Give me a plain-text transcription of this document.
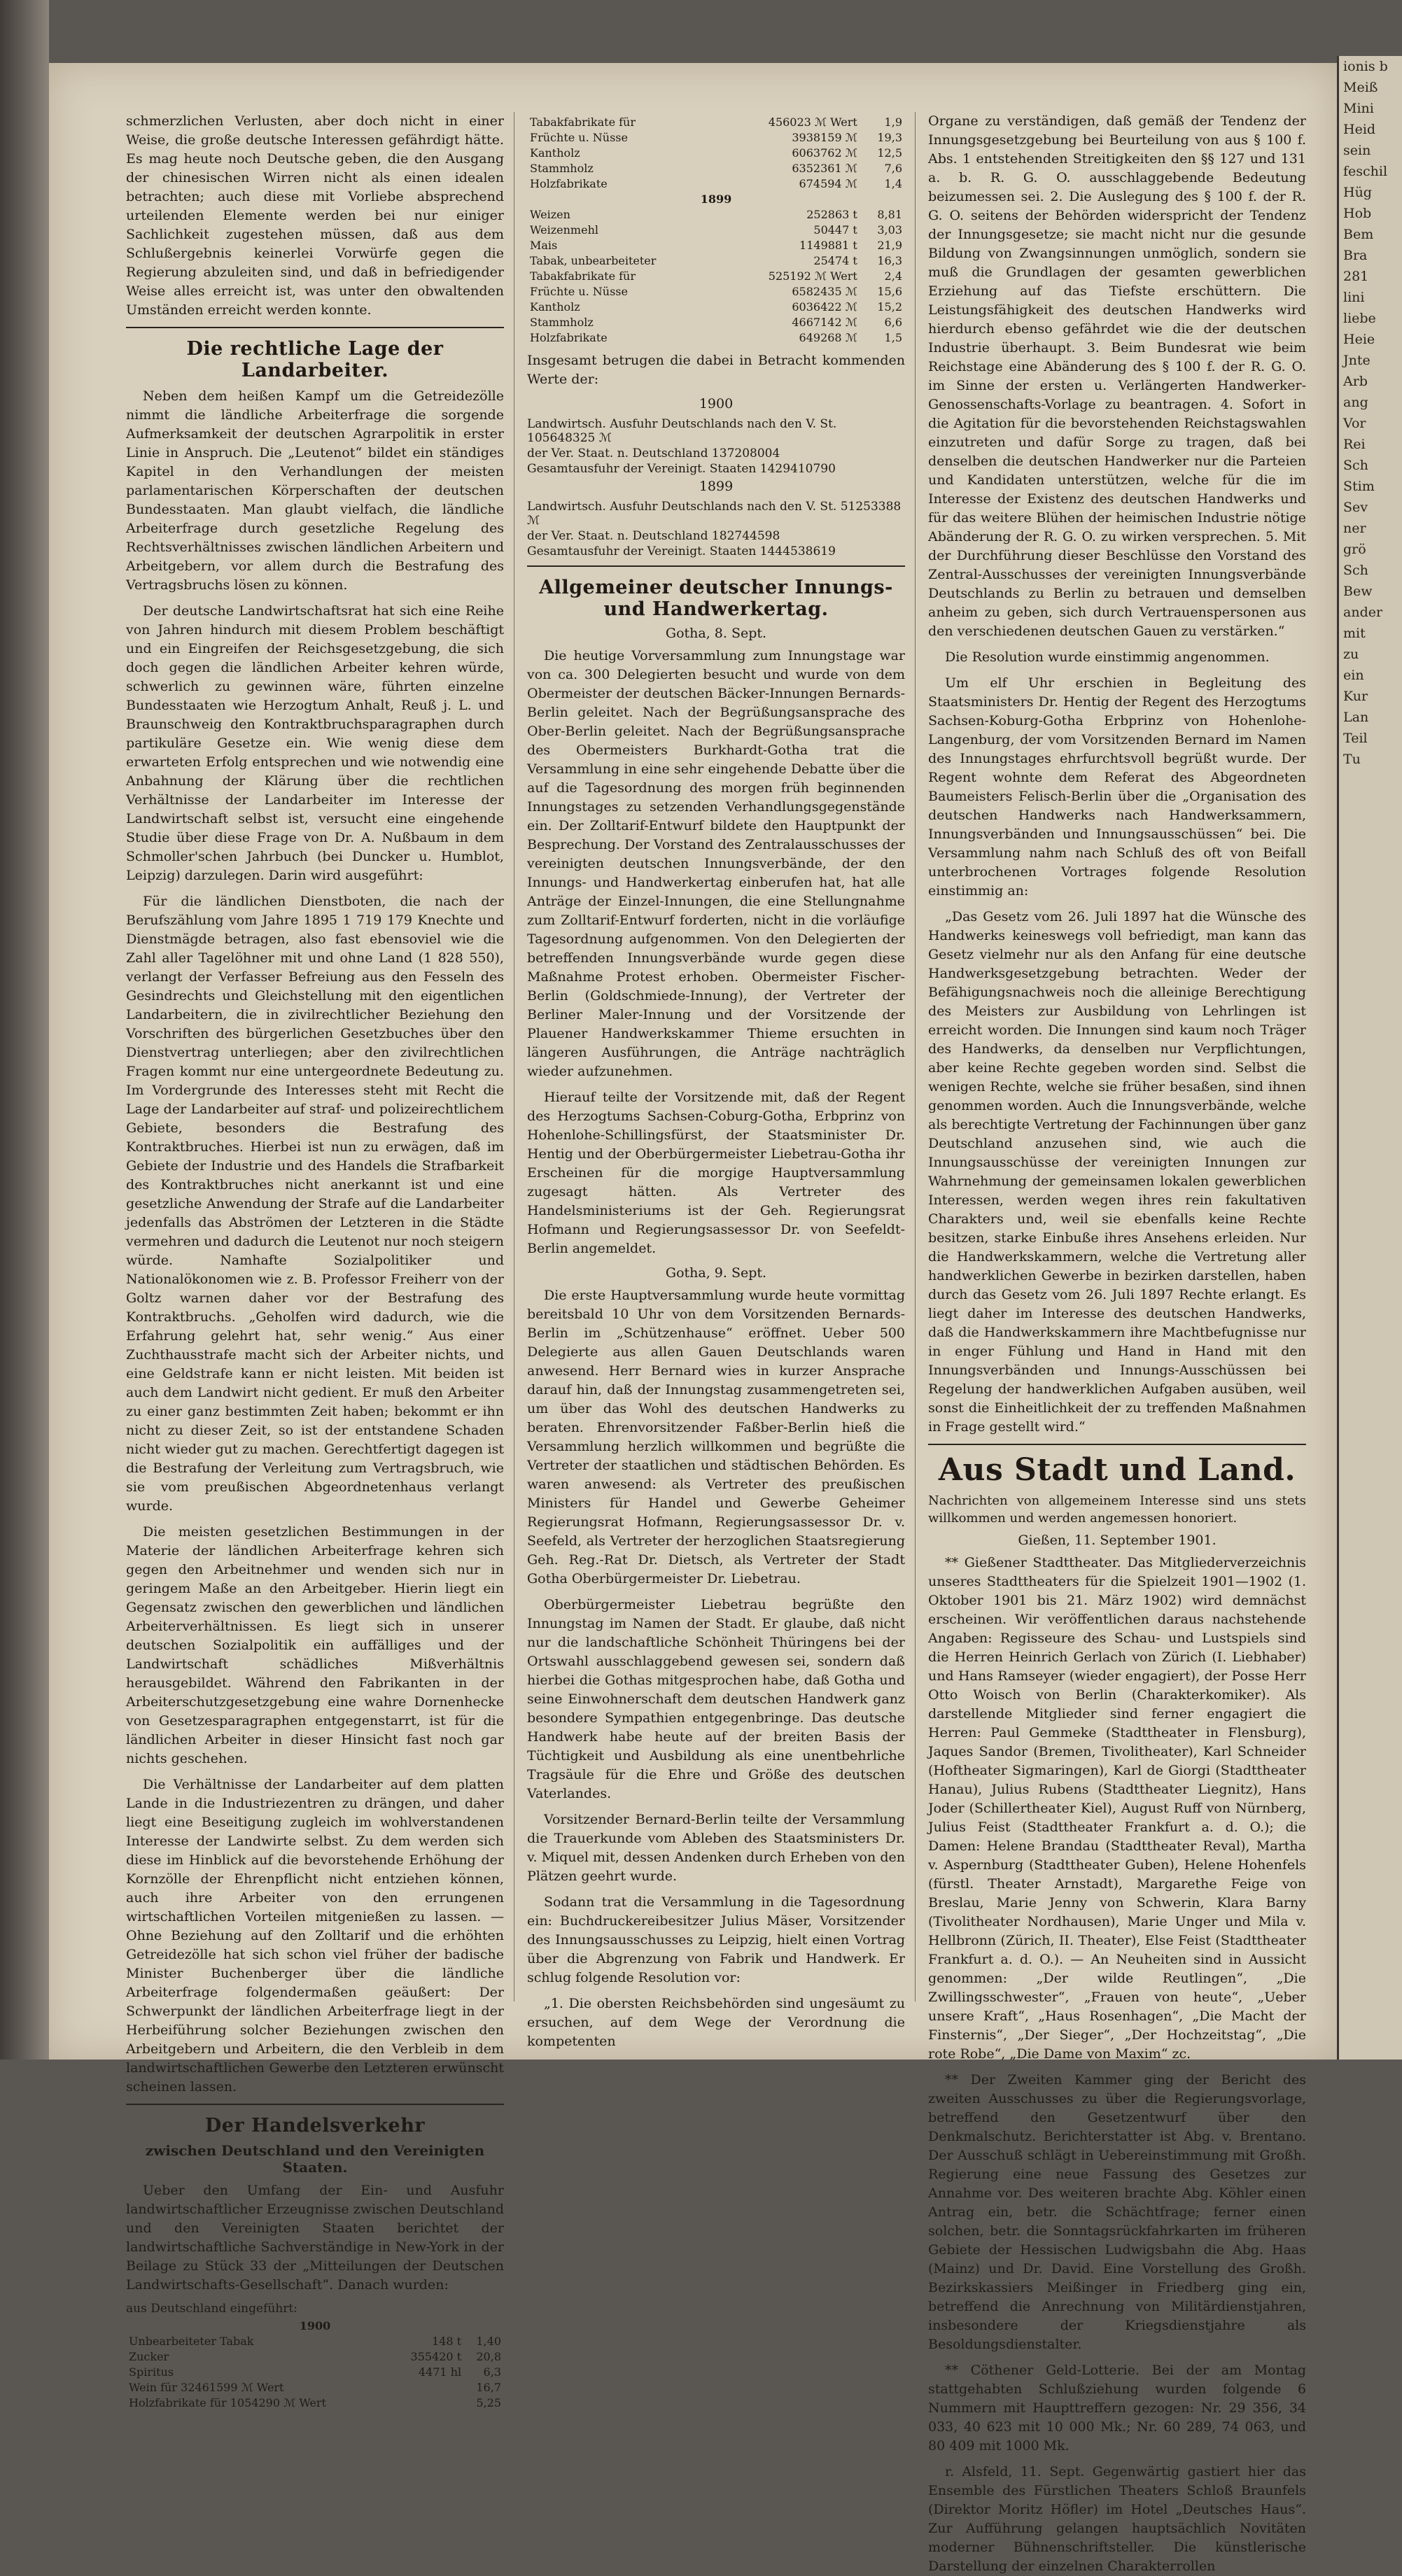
schmerzlichen Verlusten, aber doch nicht in einer Weise, die große deutsche Interessen gefährdigt hätte. Es mag heute noch Deutsche geben, die den Ausgang der chinesischen Wirren nicht als einen idealen betrachten; auch diese mit Vorliebe absprechend urteilenden Elemente werden bei nur einiger Sachlichkeit zugestehen müssen, daß aus dem Schlußergebnis keinerlei Vorwürfe gegen die Regierung abzuleiten sind, und daß in befriedigender Weise alles erreicht ist, was unter den obwaltenden Umständen erreicht werden konnte.

Die rechtliche Lage der Landarbeiter.

Neben dem heißen Kampf um die Getreidezölle nimmt die ländliche Arbeiterfrage die sorgende Aufmerksamkeit der deutschen Agrarpolitik in erster Linie in Anspruch. Die „Leutenot“ bildet ein ständiges Kapitel in den Verhandlungen der meisten parlamentarischen Körperschaften der deutschen Bundesstaaten. Man glaubt vielfach, die ländliche Arbeiterfrage durch gesetzliche Regelung des Rechtsverhältnisses zwischen ländlichen Arbeitern und Arbeitgebern, vor allem durch die Bestrafung des Vertragsbruchs lösen zu können.

Der deutsche Landwirtschaftsrat hat sich eine Reihe von Jahren hindurch mit diesem Problem beschäftigt und ein Eingreifen der Reichsgesetzgebung, die sich doch gegen die ländlichen Arbeiter kehren würde, schwerlich zu gewinnen wäre, führten einzelne Bundesstaaten wie Herzogtum Anhalt, Reuß j. L. und Braunschweig den Kontraktbruchsparagraphen durch partikuläre Gesetze ein. Wie wenig diese dem erwarteten Erfolg entsprechen und wie notwendig eine Anbahnung der Klärung über die rechtlichen Verhältnisse der Landarbeiter im Interesse der Landwirtschaft selbst ist, versucht eine eingehende Studie über diese Frage von Dr. A. Nußbaum in dem Schmoller'schen Jahrbuch (bei Duncker u. Humblot, Leipzig) darzulegen. Darin wird ausgeführt:

Für die ländlichen Dienstboten, die nach der Berufszählung vom Jahre 1895 1 719 179 Knechte und Dienstmägde betragen, also fast ebensoviel wie die Zahl aller Tagelöhner mit und ohne Land (1 828 550), verlangt der Verfasser Befreiung aus den Fesseln des Gesindrechts und Gleichstellung mit den eigentlichen Landarbeitern, die in zivilrechtlicher Beziehung den Vorschriften des bürgerlichen Gesetzbuches über den Dienstvertrag unterliegen; aber den zivilrechtlichen Fragen kommt nur eine untergeordnete Bedeutung zu. Im Vordergrunde des Interesses steht mit Recht die Lage der Landarbeiter auf straf- und polizeirechtlichem Gebiete, besonders die Bestrafung des Kontraktbruches. Hierbei ist nun zu erwägen, daß im Gebiete der Industrie und des Handels die Strafbarkeit des Kontraktbruches nicht anerkannt ist und eine gesetzliche Anwendung der Strafe auf die Landarbeiter jedenfalls das Abströmen der Letzteren in die Städte vermehren und dadurch die Leutenot nur noch steigern würde. Namhafte Sozialpolitiker und Nationalökonomen wie z. B. Professor Freiherr von der Goltz warnen daher vor der Bestrafung des Kontraktbruchs. „Geholfen wird dadurch, wie die Erfahrung gelehrt hat, sehr wenig.“ Aus einer Zuchthausstrafe macht sich der Arbeiter nichts, und eine Geldstrafe kann er nicht leisten. Mit beiden ist auch dem Landwirt nicht gedient. Er muß den Arbeiter zu einer ganz bestimmten Zeit haben; bekommt er ihn nicht zu dieser Zeit, so ist der entstandene Schaden nicht wieder gut zu machen. Gerechtfertigt dagegen ist die Bestrafung der Verleitung zum Vertragsbruch, wie sie vom preußischen Abgeordnetenhaus verlangt wurde.

Die meisten gesetzlichen Bestimmungen in der Materie der ländlichen Arbeiterfrage kehren sich gegen den Arbeitnehmer und wenden sich nur in geringem Maße an den Arbeitgeber. Hierin liegt ein Gegensatz zwischen den gewerblichen und ländlichen Arbeiterverhältnissen. Es liegt sich in unserer deutschen Sozialpolitik ein auffälliges und der Landwirtschaft schädliches Mißverhältnis herausgebildet. Während den Fabrikanten in der Arbeiterschutzgesetzgebung eine wahre Dornenhecke von Gesetzesparagraphen entgegenstarrt, ist für die ländlichen Arbeiter in dieser Hinsicht fast noch gar nichts geschehen.

Die Verhältnisse der Landarbeiter auf dem platten Lande in die Industriezentren zu drängen, und daher liegt eine Beseitigung zugleich im wohlverstandenen Interesse der Landwirte selbst. Zu dem werden sich diese im Hinblick auf die bevorstehende Erhöhung der Kornzölle der Ehrenpflicht nicht entziehen können, auch ihre Arbeiter von den errungenen wirtschaftlichen Vorteilen mitgenießen zu lassen. — Ohne Beziehung auf den Zolltarif und die erhöhten Getreidezölle hat sich schon viel früher der badische Minister Buchenberger über die ländliche Arbeiterfrage folgendermaßen geäußert: Der Schwerpunkt der ländlichen Arbeiterfrage liegt in der Herbeiführung solcher Beziehungen zwischen den Arbeitgebern und Arbeitern, die den Verbleib in dem landwirtschaftlichen Gewerbe den Letzteren erwünscht scheinen lassen.

Der Handelsverkehr
zwischen Deutschland und den Vereinigten Staaten.

Ueber den Umfang der Ein- und Ausfuhr landwirtschaftlicher Erzeugnisse zwischen Deutschland und den Vereinigten Staaten berichtet der landwirtschaftliche Sachverständige in New-York in der Beilage zu Stück 33 der „Mitteilungen der Deutschen Landwirtschafts-Gesellschaft“. Danach wurden:

aus Deutschland eingeführt:
1900		
Unbearbeiteter Tabak	148 t	1,40
Zucker	355420 t	20,8
Spiritus	4471 hl	6,3
Wein für 32461599 ℳ Wert		16,7
Holzfabrikate für 1054290 ℳ Wert		5,25
Tabakfabrikate für	456023 ℳ Wert	1,9
Früchte u. Nüsse	3938159 ℳ	19,3
Kantholz	6063762 ℳ	12,5
Stammholz	6352361 ℳ	7,6
Holzfabrikate	674594 ℳ	1,4
1899		
Weizen	252863 t	8,81
Weizenmehl	50447 t	3,03
Mais	1149881 t	21,9
Tabak, unbearbeiteter	25474 t	16,3
Tabakfabrikate für	525192 ℳ Wert	2,4
Früchte u. Nüsse	6582435 ℳ	15,6
Kantholz	6036422 ℳ	15,2
Stammholz	4667142 ℳ	6,6
Holzfabrikate	649268 ℳ	1,5

Insgesamt betrugen die dabei in Betracht kommenden Werte der:

1900
Landwirtsch. Ausfuhr Deutschlands nach den V. St. 105648325 ℳ
der Ver. Staat. n. Deutschland 137208004
Gesamtausfuhr der Vereinigt. Staaten 1429410790
1899
Landwirtsch. Ausfuhr Deutschlands nach den V. St. 51253388 ℳ
der Ver. Staat. n. Deutschland 182744598
Gesamtausfuhr der Vereinigt. Staaten 1444538619
Allgemeiner deutscher Innungs- und Handwerkertag.
Gotha, 8. Sept.

Die heutige Vorversammlung zum Innungstage war von ca. 300 Delegierten besucht und wurde von dem Obermeister der deutschen Bäcker-Innungen Bernards-Berlin geleitet. Nach der Begrüßungsansprache des Ober-Berlin geleitet. Nach der Begrüßungsansprache des Obermeisters Burkhardt-Gotha trat die Versammlung in eine sehr eingehende Debatte über die auf die Tagesordnung des morgen früh beginnenden Innungstages zu setzenden Verhandlungsgegenstände ein. Der Zolltarif-Entwurf bildete den Hauptpunkt der Besprechung. Der Vorstand des Zentralausschusses der vereinigten deutschen Innungsverbände, der den Innungs- und Handwerkertag einberufen hat, hat alle Anträge der Einzel-Innungen, die eine Stellungnahme zum Zolltarif-Entwurf forderten, nicht in die vorläufige Tagesordnung aufgenommen. Von den Delegierten der betreffenden Innungsverbände wurde gegen diese Maßnahme Protest erhoben. Obermeister Fischer-Berlin (Goldschmiede-Innung), der Vertreter der Berliner Maler-Innung und der Vorsitzende der Plauener Handwerkskammer Thieme ersuchten in längeren Ausführungen, die Anträge nachträglich wieder aufzunehmen.

Hierauf teilte der Vorsitzende mit, daß der Regent des Herzogtums Sachsen-Coburg-Gotha, Erbprinz von Hohenlohe-Schillingsfürst, der Staatsminister Dr. Hentig und der Oberbürgermeister Liebetrau-Gotha ihr Erscheinen für die morgige Hauptversammlung zugesagt hätten. Als Vertreter des Handelsministeriums ist der Geh. Regierungsrat Hofmann und Regierungsassessor Dr. von Seefeldt-Berlin angemeldet.

Gotha, 9. Sept.

Die erste Hauptversammlung wurde heute vormittag bereitsbald 10 Uhr von dem Vorsitzenden Bernards-Berlin im „Schützenhause“ eröffnet. Ueber 500 Delegierte aus allen Gauen Deutschlands waren anwesend. Herr Bernard wies in kurzer Ansprache darauf hin, daß der Innungstag zusammengetreten sei, um über das Wohl des deutschen Handwerks zu beraten. Ehrenvorsitzender Faßber-Berlin hieß die Versammlung herzlich willkommen und begrüßte die Vertreter der staatlichen und städtischen Behörden. Es waren anwesend: als Vertreter des preußischen Ministers für Handel und Gewerbe Geheimer Regierungsrat Hofmann, Regierungsassessor Dr. v. Seefeld, als Vertreter der herzoglichen Staatsregierung Geh. Reg.-Rat Dr. Dietsch, als Vertreter der Stadt Gotha Oberbürgermeister Dr. Liebetrau.

Oberbürgermeister Liebetrau begrüßte den Innungstag im Namen der Stadt. Er glaube, daß nicht nur die landschaftliche Schönheit Thüringens bei der Ortswahl ausschlaggebend gewesen sei, sondern daß hierbei die Gothas mitgesprochen habe, daß Gotha und seine Einwohnerschaft dem deutschen Handwerk ganz besondere Sympathien entgegenbringe. Das deutsche Handwerk habe heute auf der breiten Basis der Tüchtigkeit und Ausbildung als eine unentbehrliche Tragsäule für die Ehre und Größe des deutschen Vaterlandes.

Vorsitzender Bernard-Berlin teilte der Versammlung die Trauerkunde vom Ableben des Staatsministers Dr. v. Miquel mit, dessen Andenken durch Erheben von den Plätzen geehrt wurde.

Sodann trat die Versammlung in die Tagesordnung ein: Buchdruckereibesitzer Julius Mäser, Vorsitzender des Innungsausschusses zu Leipzig, hielt einen Vortrag über die Abgrenzung von Fabrik und Handwerk. Er schlug folgende Resolution vor:

„1. Die obersten Reichsbehörden sind ungesäumt zu ersuchen, auf dem Wege der Verordnung die kompetenten

Organe zu verständigen, daß gemäß der Tendenz der Innungsgesetzgebung bei Beurteilung von aus § 100 f. Abs. 1 entstehenden Streitigkeiten den §§ 127 und 131 a. b. R. G. O. ausschlaggebende Bedeutung beizumessen sei. 2. Die Auslegung des § 100 f. der R. G. O. seitens der Behörden widerspricht der Tendenz der Innungsgesetze; sie macht nicht nur die gesunde Bildung von Zwangsinnungen unmöglich, sondern sie muß die Grundlagen der gesamten gewerblichen Erziehung auf das Tiefste erschüttern. Die Leistungsfähigkeit des deutschen Handwerks wird hierdurch ebenso gefährdet wie die der deutschen Industrie überhaupt. 3. Beim Bundesrat wie beim Reichstage eine Abänderung des § 100 f. der R. G. O. im Sinne der ersten u. Verlängerten Handwerker-Genossenschafts-Vorlage zu beantragen. 4. Sofort in die Agitation für die bevorstehenden Reichstagswahlen einzutreten und dafür Sorge zu tragen, daß bei denselben die deutschen Handwerker nur die Parteien und Kandidaten unterstützen, welche für die im Interesse der Existenz des deutschen Handwerks und für das weitere Blühen der heimischen Industrie nötige Abänderung der R. G. O. zu wirken versprechen. 5. Mit der Durchführung dieser Beschlüsse den Vorstand des Zentral-Ausschusses der vereinigten Innungsverbände Deutschlands zu Berlin zu betrauen und demselben anheim zu geben, sich durch Vertrauenspersonen aus den verschiedenen deutschen Gauen zu verstärken.“

Die Resolution wurde einstimmig angenommen.

Um elf Uhr erschien in Begleitung des Staatsministers Dr. Hentig der Regent des Herzogtums Sachsen-Koburg-Gotha Erbprinz von Hohenlohe-Langenburg, der vom Vorsitzenden Bernard im Namen des Innungstages ehrfurchtsvoll begrüßt wurde. Der Regent wohnte dem Referat des Abgeordneten Baumeisters Felisch-Berlin über die „Organisation des deutschen Handwerks nach Handwerksammern, Innungsverbänden und Innungsausschüssen“ bei. Die Versammlung nahm nach Schluß des oft von Beifall unterbrochenen Vortrages folgende Resolution einstimmig an:

„Das Gesetz vom 26. Juli 1897 hat die Wünsche des Handwerks keineswegs voll befriedigt, man kann das Gesetz vielmehr nur als den Anfang für eine deutsche Handwerksgesetzgebung betrachten. Weder der Befähigungsnachweis noch die alleinige Berechtigung des Meisters zur Ausbildung von Lehrlingen ist erreicht worden. Die Innungen sind kaum noch Träger des Handwerks, da denselben nur Verpflichtungen, aber keine Rechte gegeben worden sind. Selbst die wenigen Rechte, welche sie früher besaßen, sind ihnen genommen worden. Auch die Innungsverbände, welche als berechtigte Vertretung der Fachinnungen über ganz Deutschland anzusehen sind, wie auch die Innungsausschüsse der vereinigten Innungen zur Wahrnehmung der gemeinsamen lokalen gewerblichen Interessen, werden wegen ihres rein fakultativen Charakters und, weil sie ebenfalls keine Rechte besitzen, starke Einbuße ihres Ansehens erleiden. Nur die Handwerkskammern, welche die Vertretung aller handwerklichen Gewerbe in bezirken darstellen, haben durch das Gesetz vom 26. Juli 1897 Rechte erlangt. Es liegt daher im Interesse des deutschen Handwerks, daß die Handwerkskammern ihre Machtbefugnisse nur in enger Fühlung und Hand in Hand mit den Innungsverbänden und Innungs-Ausschüssen bei Regelung der handwerklichen Aufgaben ausüben, weil sonst die Einheitlichkeit der zu treffenden Maßnahmen in Frage gestellt wird.“

Aus Stadt und Land.
Nachrichten von allgemeinem Interesse sind uns stets willkommen und werden angemessen honoriert.
Gießen, 11. September 1901.

** Gießener Stadttheater. Das Mitgliederverzeichnis unseres Stadttheaters für die Spielzeit 1901—1902 (1. Oktober 1901 bis 21. März 1902) wird demnächst erscheinen. Wir veröffentlichen daraus nachstehende Angaben: Regisseure des Schau- und Lustspiels sind die Herren Heinrich Gerlach von Zürich (I. Liebhaber) und Hans Ramseyer (wieder engagiert), der Posse Herr Otto Woisch von Berlin (Charakterkomiker). Als darstellende Mitglieder sind ferner engagiert die Herren: Paul Gemmeke (Stadttheater in Flensburg), Jaques Sandor (Bremen, Tivolitheater), Karl Schneider (Hoftheater Sigmaringen), Karl de Giorgi (Stadttheater Hanau), Julius Rubens (Stadttheater Liegnitz), Hans Joder (Schillertheater Kiel), August Ruff von Nürnberg, Julius Feist (Stadttheater Frankfurt a. d. O.); die Damen: Helene Brandau (Stadttheater Reval), Martha v. Aspernburg (Stadttheater Guben), Helene Hohenfels (fürstl. Theater Arnstadt), Margarethe Feige von Breslau, Marie Jenny von Schwerin, Klara Barny (Tivolitheater Nordhausen), Marie Unger und Mila v. Hellbronn (Zürich, II. Theater), Else Feist (Stadttheater Frankfurt a. d. O.). — An Neuheiten sind in Aussicht genommen: „Der wilde Reutlingen“, „Die Zwillingsschwester“, „Frauen von heute“, „Ueber unsere Kraft“, „Haus Rosenhagen“, „Die Macht der Finsternis“, „Der Sieger“, „Der Hochzeitstag“, „Die rote Robe“, „Die Dame von Maxim“ zc.

** Der Zweiten Kammer ging der Bericht des zweiten Ausschusses zu über die Regierungsvorlage, betreffend den Gesetzentwurf über den Denkmalschutz. Berichterstatter ist Abg. v. Brentano. Der Ausschuß schlägt in Uebereinstimmung mit Großh. Regierung eine neue Fassung des Gesetzes zur Annahme vor. Des weiteren brachte Abg. Köhler einen Antrag ein, betr. die Schächtfrage; ferner einen solchen, betr. die Sonntagsrückfahrkarten im früheren Gebiete der Hessischen Ludwigsbahn die Abg. Haas (Mainz) und Dr. David. Eine Vorstellung des Großh. Bezirkskassiers Meißinger in Friedberg ging ein, betreffend die Anrechnung von Militärdienstjahren, insbesondere der Kriegsdienstjahre als Besoldungsdienstalter.

** Cöthener Geld-Lotterie. Bei der am Montag stattgehabten Schlußziehung wurden folgende 6 Nummern mit Haupttreffern gezogen: Nr. 29 356, 34 033, 40 623 mit 10 000 Mk.; Nr. 60 289, 74 063, und 80 409 mit 1000 Mk.

r. Alsfeld, 11. Sept. Gegenwärtig gastiert hier das Ensemble des Fürstlichen Theaters Schloß Braunfels (Direktor Moritz Höfler) im Hotel „Deutsches Haus“. Zur Aufführung gelangen hauptsächlich Novitäten moderner Bühnenschriftsteller. Die künstlerische Darstellung der einzelnen Charakterrollen

ionis b
Meiß
Mini
Heid
sein
feschil
Hüg
Hob
Bem
Bra
281
lini
liebe
Heie
Jnte
Arb
ang
Vor
Rei
Sch
Stim
Sev
ner
grö
Sch
Bew
ander
mit
zu
ein
Kur
Lan
Teil
Tu
